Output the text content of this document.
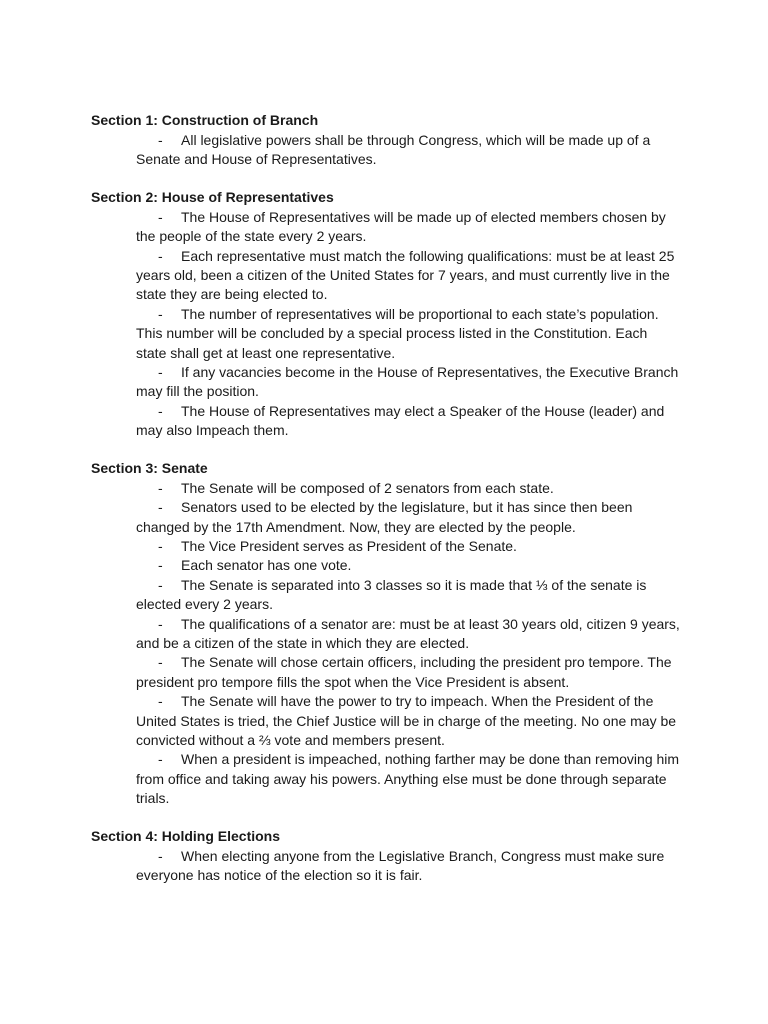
Section 1: Construction of Branch
- All legislative powers shall be through Congress, which will be made up of a Senate and House of Representatives.
Section 2: House of Representatives
- The House of Representatives will be made up of elected members chosen by the people of the state every 2 years.
- Each representative must match the following qualifications: must be at least 25 years old, been a citizen of the United States for 7 years, and must currently live in the state they are being elected to.
- The number of representatives will be proportional to each state’s population. This number will be concluded by a special process listed in the Constitution. Each state shall get at least one representative.
- If any vacancies become in the House of Representatives, the Executive Branch may fill the position.
- The House of Representatives may elect a Speaker of the House (leader) and may also Impeach them.
Section 3: Senate
- The Senate will be composed of 2 senators from each state.
- Senators used to be elected by the legislature, but it has since then been changed by the 17th Amendment. Now, they are elected by the people.
- The Vice President serves as President of the Senate.
- Each senator has one vote.
- The Senate is separated into 3 classes so it is made that ⅓ of the senate is elected every 2 years.
- The qualifications of a senator are: must be at least 30 years old, citizen 9 years, and be a citizen of the state in which they are elected.
- The Senate will chose certain officers, including the president pro tempore. The president pro tempore fills the spot when the Vice President is absent.
- The Senate will have the power to try to impeach. When the President of the United States is tried, the Chief Justice will be in charge of the meeting. No one may be convicted without a ⅔ vote and members present.
- When a president is impeached, nothing farther may be done than removing him from office and taking away his powers. Anything else must be done through separate trials.
Section 4: Holding Elections
- When electing anyone from the Legislative Branch, Congress must make sure everyone has notice of the election so it is fair.
